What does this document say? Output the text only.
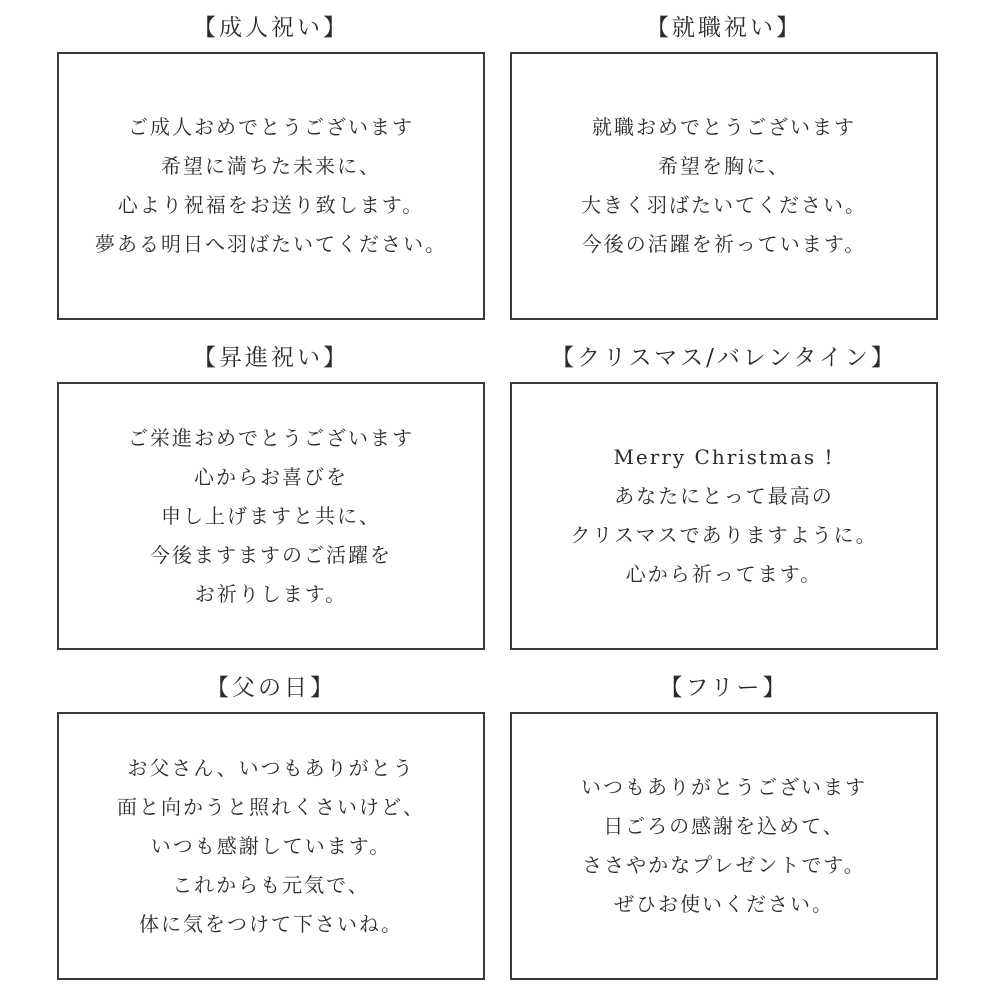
【成人祝い】
ご成人おめでとうございます
希望に満ちた未来に、
心より祝福をお送り致します。
夢ある明日へ羽ばたいてください。
【就職祝い】
就職おめでとうございます
希望を胸に、
大きく羽ばたいてください。
今後の活躍を祈っています。
【昇進祝い】
ご栄進おめでとうございます
心からお喜びを
申し上げますと共に、
今後ますますのご活躍を
お祈りします。
【クリスマス/バレンタイン】
Merry Christmas !
あなたにとって最高の
クリスマスでありますように。
心から祈ってます。
【父の日】
お父さん、いつもありがとう
面と向かうと照れくさいけど、
いつも感謝しています。
これからも元気で、
体に気をつけて下さいね。
【フリー】
いつもありがとうございます
日ごろの感謝を込めて、
ささやかなプレゼントです。
ぜひお使いください。
